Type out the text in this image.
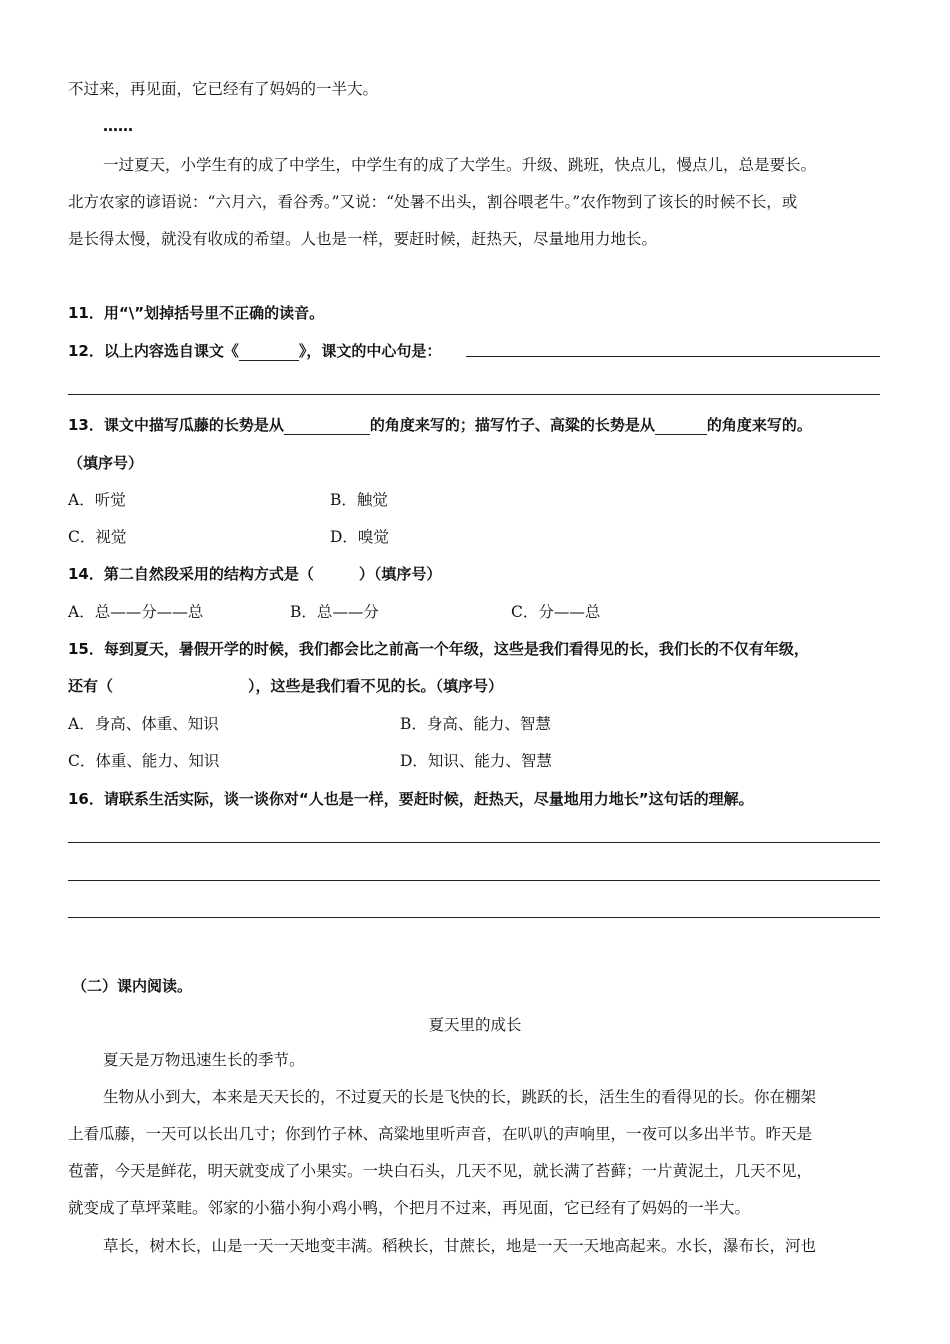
不过来，再见面，它已经有了妈妈的一半大。
……
一过夏天，小学生有的成了中学生，中学生有的成了大学生。升级、跳班，快点儿，慢点儿，总是要长。
北方农家的谚语说：“六月六，看谷秀。”又说：“处暑不出头，割谷喂老牛。”农作物到了该长的时候不长，或
是长得太慢，就没有收成的希望。人也是一样，要赶时候，赶热天，尽量地用力地长。
11．用“\”划掉括号里不正确的读音。
12．以上内容选自课文《	》，课文的中心句是：
13．课文中描写瓜藤的长势是从	的角度来写的；描写竹子、高粱的长势是从	的角度来写的。
（填序号）
A．听觉	B．触觉
C．视觉	D．嗅觉
14．第二自然段采用的结构方式是（　　　）（填序号）
A．总——分——总	B．总——分	C．分——总
15．每到夏天，暑假开学的时候，我们都会比之前高一个年级，这些是我们看得见的长，我们长的不仅有年级，
还有（　　　　　　　　　），这些是我们看不见的长。（填序号）
A．身高、体重、知识	B．身高、能力、智慧
C．体重、能力、知识	D．知识、能力、智慧
16．请联系生活实际，谈一谈你对“人也是一样，要赶时候，赶热天，尽量地用力地长”这句话的理解。
（二）课内阅读。
夏天里的成长
夏天是万物迅速生长的季节。
生物从小到大，本来是天天长的，不过夏天的长是飞快的长，跳跃的长，活生生的看得见的长。你在棚架
上看瓜藤，一天可以长出几寸；你到竹子林、高粱地里听声音，在叭叭的声响里，一夜可以多出半节。昨天是
苞蕾，今天是鲜花，明天就变成了小果实。一块白石头，几天不见，就长满了苔藓；一片黄泥土，几天不见，
就变成了草坪菜畦。邻家的小猫小狗小鸡小鸭，个把月不过来，再见面，它已经有了妈妈的一半大。
草长，树木长，山是一天一天地变丰满。稻秧长，甘蔗长，地是一天一天地高起来。水长，瀑布长，河也
